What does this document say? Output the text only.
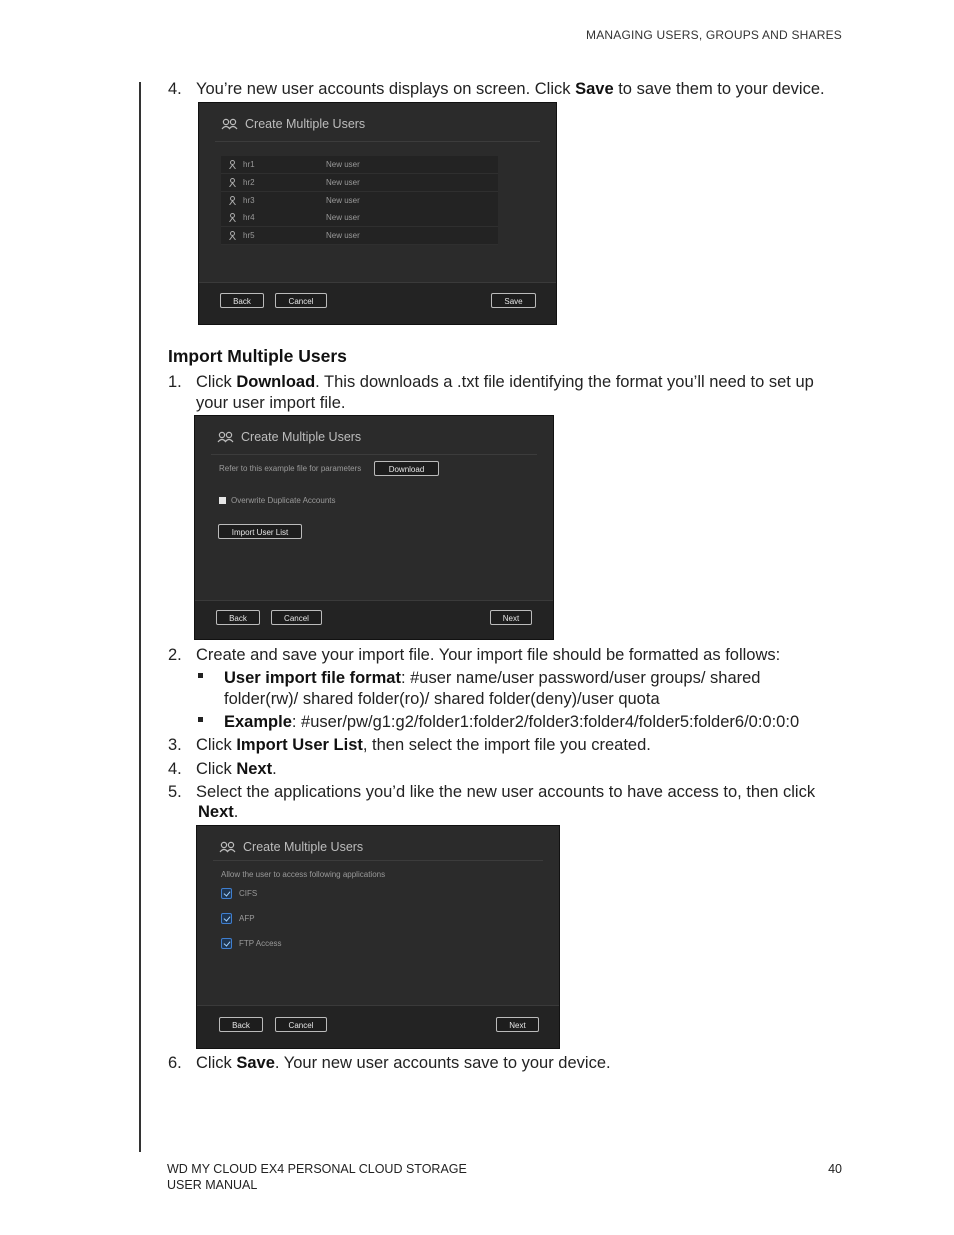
MANAGING USERS, GROUPS AND SHARES
4. You’re new user accounts displays on screen. Click Save to save them to your device.
Create Multiple Users
hr1	New user
hr2	New user
hr3	New user
hr4	New user
hr5	New user
Back	Cancel	Save
Import Multiple Users
1. Click Download. This downloads a .txt file identifying the format you’ll need to set up
your user import file.
Create Multiple Users
Refer to this example file for parameters	Download
Overwrite Duplicate Accounts
Import User List
Back	Cancel	Next
2. Create and save your import file. Your import file should be formatted as follows:
User import file format: #user name/user password/user groups/ shared
folder(rw)/ shared folder(ro)/ shared folder(deny)/user quota
Example: #user/pw/g1:g2/folder1:folder2/folder3:folder4/folder5:folder6/0:0:0:0
3. Click Import User List, then select the import file you created.
4. Click Next.
5. Select the applications you’d like the new user accounts to have access to, then click
Next.
Create Multiple Users
Allow the user to access following applications
CIFS
AFP
FTP Access
Back	Cancel	Next
6. Click Save. Your new user accounts save to your device.
WD MY CLOUD EX4 PERSONAL CLOUD STORAGE
USER MANUAL
40
